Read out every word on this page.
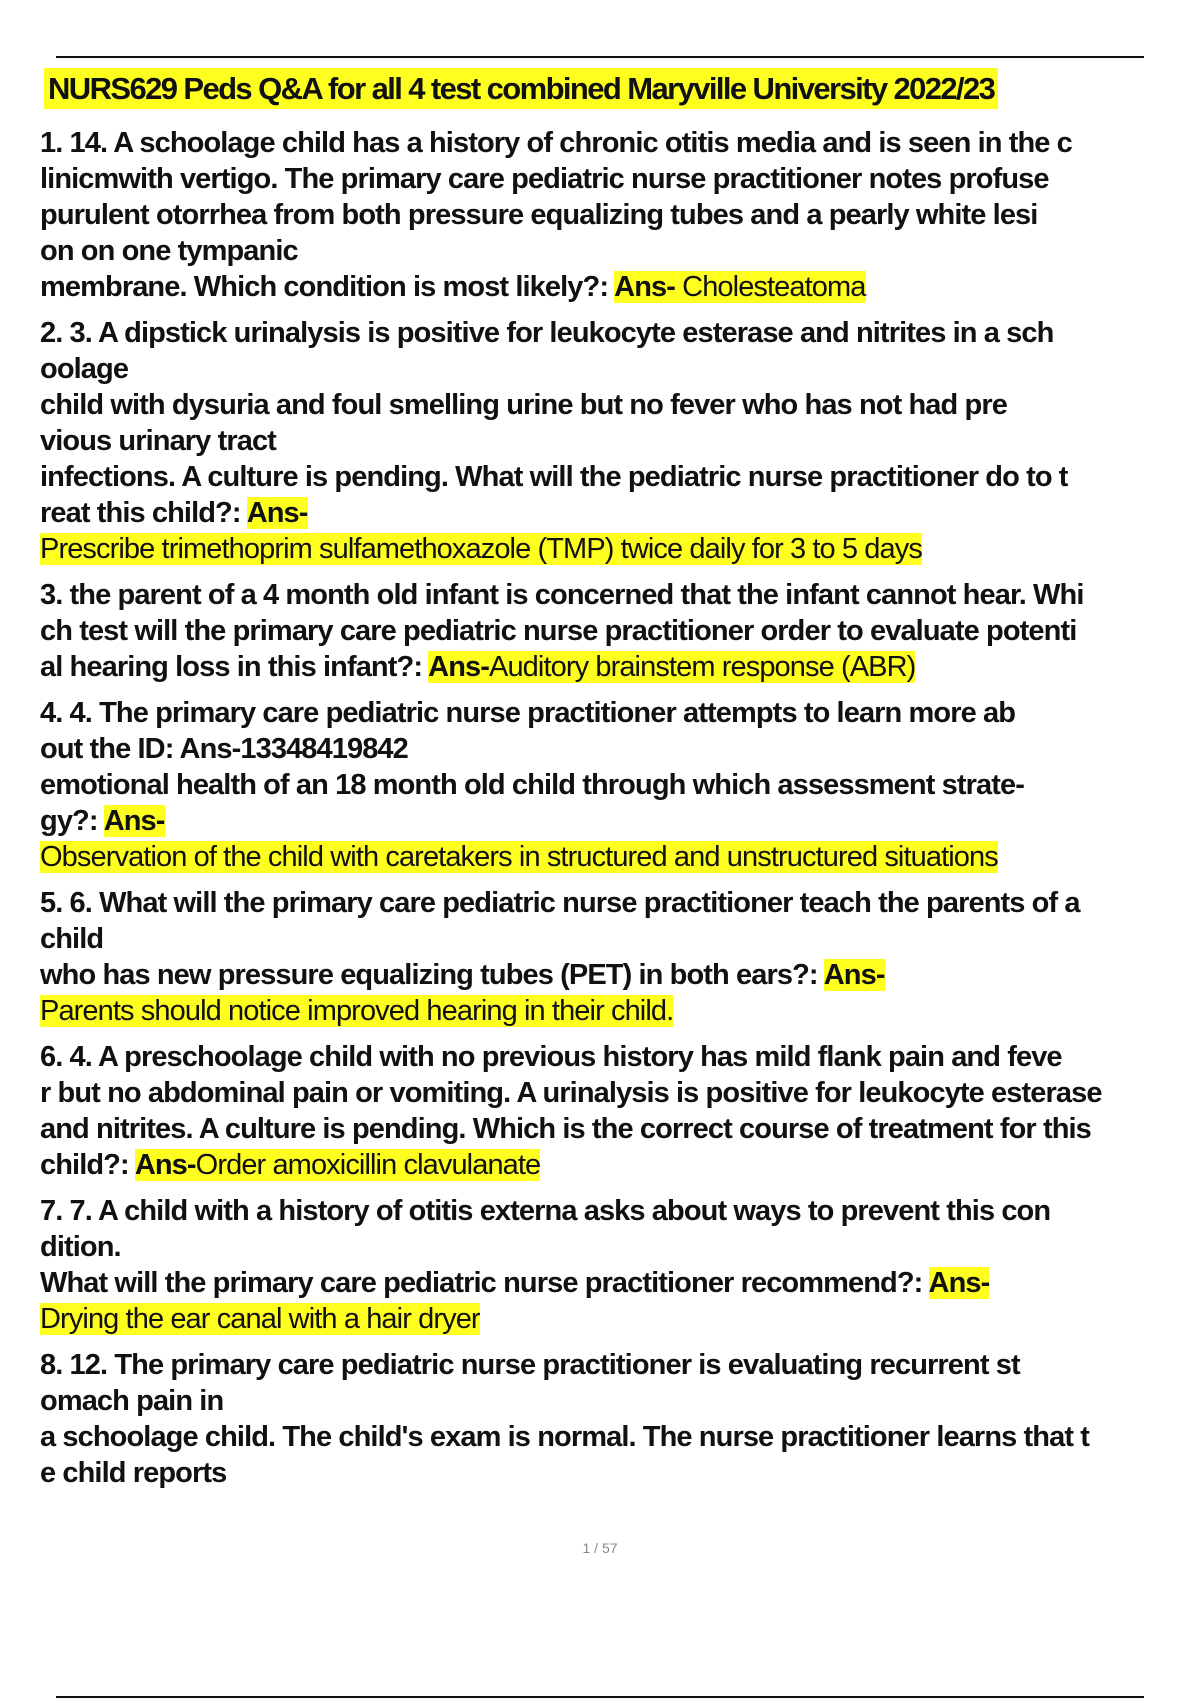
NURS629 Peds Q&A for all 4 test combined Maryville University 2022/23
1. 14. A schoolage child has a history of chronic otitis media and is seen in the c
linicmwith vertigo. The primary care pediatric nurse practitioner notes profuse
purulent otorrhea from both pressure equalizing tubes and a pearly white lesi
on on one tympanic
membrane. Which condition is most likely?: Ans- Cholesteatoma
2. 3. A dipstick urinalysis is positive for leukocyte esterase and nitrites in a sch
oolage
child with dysuria and foul smelling urine but no fever who has not had pre
vious urinary tract
infections. A culture is pending. What will the pediatric nurse practitioner do to t
reat this child?: Ans-
Prescribe trimethoprim sulfamethoxazole (TMP) twice daily for 3 to 5 days
3. the parent of a 4 month old infant is concerned that the infant cannot hear. Whi
ch test will the primary care pediatric nurse practitioner order to evaluate potenti
al hearing loss in this infant?: Ans-Auditory brainstem response (ABR)
4. 4. The primary care pediatric nurse practitioner attempts to learn more ab
out the ID: Ans-13348419842
emotional health of an 18 month old child through which assessment strate-
gy?: Ans-
Observation of the child with caretakers in structured and unstructured situations
5. 6. What will the primary care pediatric nurse practitioner teach the parents of a
child
who has new pressure equalizing tubes (PET) in both ears?: Ans-
Parents should notice improved hearing in their child.
6. 4. A preschoolage child with no previous history has mild flank pain and feve
r but no abdominal pain or vomiting. A urinalysis is positive for leukocyte esterase
and nitrites. A culture is pending. Which is the correct course of treatment for this
child?: Ans-Order amoxicillin clavulanate
7. 7. A child with a history of otitis externa asks about ways to prevent this con
dition.
What will the primary care pediatric nurse practitioner recommend?: Ans-
Drying the ear canal with a hair dryer
8. 12. The primary care pediatric nurse practitioner is evaluating recurrent st
omach pain in
a schoolage child. The child's exam is normal. The nurse practitioner learns that t
e child reports
1 / 57
